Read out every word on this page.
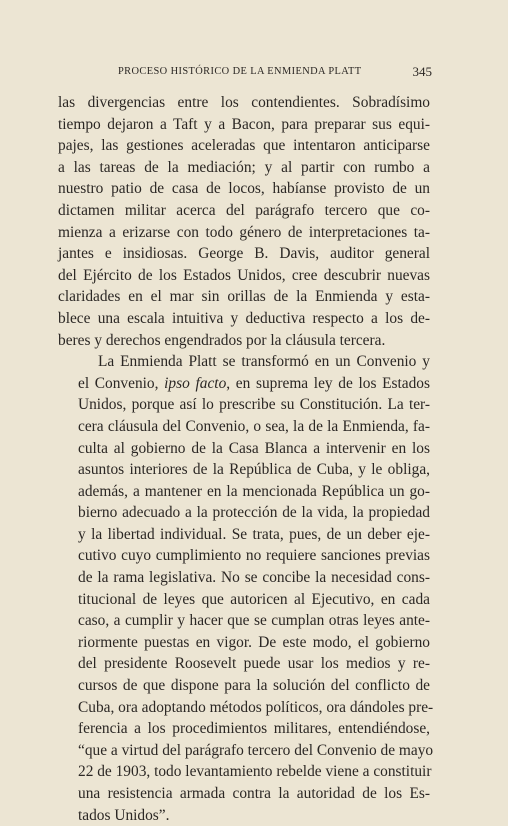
PROCESO HISTÓRICO DE LA ENMIENDA PLATT	345

las divergencias entre los contendientes. Sobradísimo
tiempo dejaron a Taft y a Bacon, para preparar sus equi-
pajes, las gestiones aceleradas que intentaron anticiparse
a las tareas de la mediación; y al partir con rumbo a
nuestro patio de casa de locos, habíanse provisto de un
dictamen militar acerca del parágrafo tercero que co-
mienza a erizarse con todo género de interpretaciones ta-
jantes e insidiosas. George B. Davis, auditor general
del Ejército de los Estados Unidos, cree descubrir nuevas
claridades en el mar sin orillas de la Enmienda y esta-
blece una escala intuitiva y deductiva respecto a los de-
beres y derechos engendrados por la cláusula tercera.

La Enmienda Platt se transformó en un Convenio y
el Convenio, ipso facto, en suprema ley de los Estados
Unidos, porque así lo prescribe su Constitución. La ter-
cera cláusula del Convenio, o sea, la de la Enmienda, fa-
culta al gobierno de la Casa Blanca a intervenir en los
asuntos interiores de la República de Cuba, y le obliga,
además, a mantener en la mencionada República un go-
bierno adecuado a la protección de la vida, la propiedad
y la libertad individual. Se trata, pues, de un deber eje-
cutivo cuyo cumplimiento no requiere sanciones previas
de la rama legislativa. No se concibe la necesidad cons-
titucional de leyes que autoricen al Ejecutivo, en cada
caso, a cumplir y hacer que se cumplan otras leyes ante-
riormente puestas en vigor. De este modo, el gobierno
del presidente Roosevelt puede usar los medios y re-
cursos de que dispone para la solución del conflicto de
Cuba, ora adoptando métodos políticos, ora dándoles pre-
ferencia a los procedimientos militares, entendiéndose,
“que a virtud del parágrafo tercero del Convenio de mayo
22 de 1903, todo levantamiento rebelde viene a constituir
una resistencia armada contra la autoridad de los Es-
tados Unidos”.
